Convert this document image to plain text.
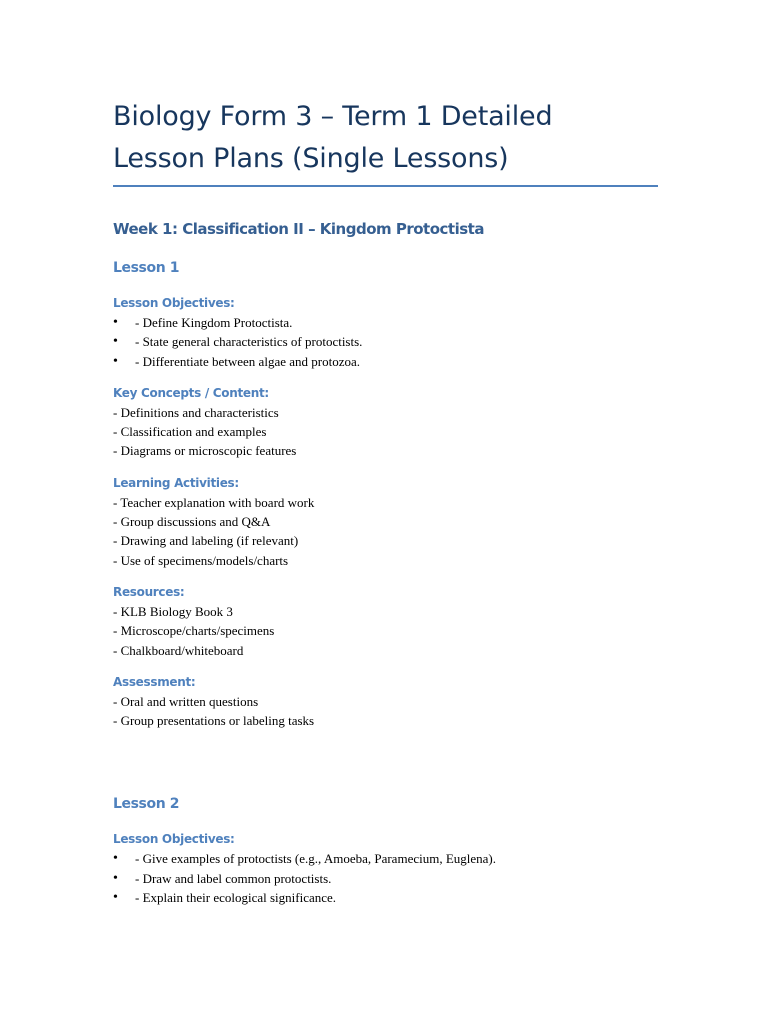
Biology Form 3 – Term 1 Detailed
Lesson Plans (Single Lessons)
Week 1: Classification II – Kingdom Protoctista
Lesson 1
Lesson Objectives:
• - Define Kingdom Protoctista.
• - State general characteristics of protoctists.
• - Differentiate between algae and protozoa.
Key Concepts / Content:
- Definitions and characteristics
- Classification and examples
- Diagrams or microscopic features
Learning Activities:
- Teacher explanation with board work
- Group discussions and Q&A
- Drawing and labeling (if relevant)
- Use of specimens/models/charts
Resources:
- KLB Biology Book 3
- Microscope/charts/specimens
- Chalkboard/whiteboard
Assessment:
- Oral and written questions
- Group presentations or labeling tasks
Lesson 2
Lesson Objectives:
• - Give examples of protoctists (e.g., Amoeba, Paramecium, Euglena).
• - Draw and label common protoctists.
• - Explain their ecological significance.
